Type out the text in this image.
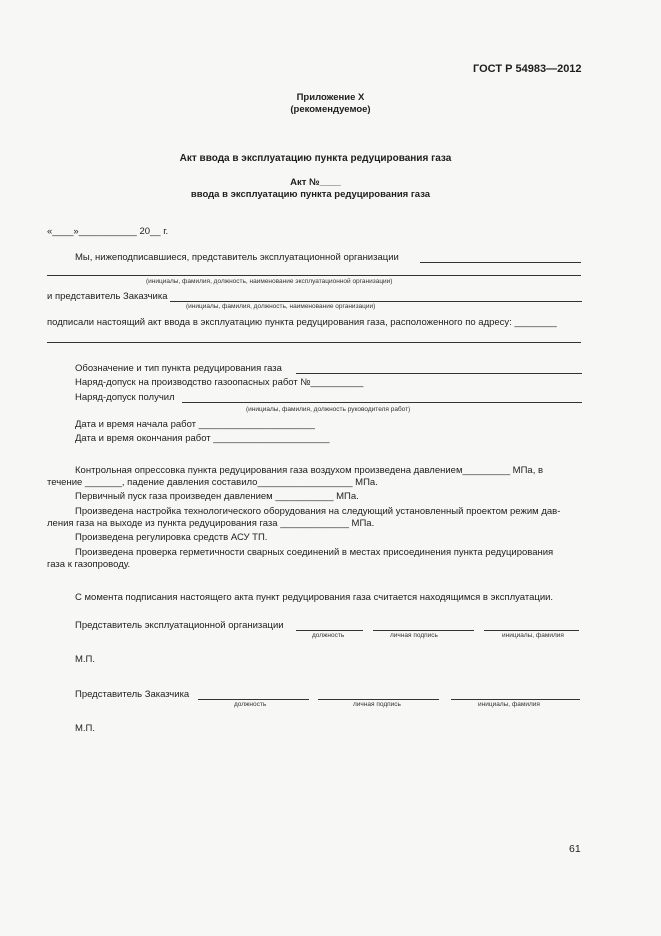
ГОСТ Р 54983—2012
Приложение Х
(рекомендуемое)
Акт ввода в эксплуатацию пункта редуцирования газа
Акт №____
ввода в эксплуатацию пункта редуцирования газа
«____»___________ 20__ г.
Мы, нижеподписавшиеся, представитель эксплуатационной организации
(инициалы, фамилия, должность, наименование эксплуатационной организации)
и представитель Заказчика
(инициалы, фамилия, должность, наименование организации)
подписали настоящий акт ввода в эксплуатацию пункта редуцирования газа, расположенного по адресу: ________
Обозначение и тип пункта редуцирования газа
Наряд-допуск на производство газоопасных работ №__________
Наряд-допуск получил
(инициалы, фамилия, должность руководителя работ)
Дата и время начала работ ______________________
Дата и время окончания работ ______________________
Контрольная опрессовка пункта редуцирования газа воздухом произведена давлением_________ МПа, в
течение _______, падение давления составило__________________ МПа.
Первичный пуск газа произведен давлением ___________ МПа.
Произведена настройка технологического оборудования на следующий установленный проектом режим дав-
ления газа на выходе из пункта редуцирования газа _____________ МПа.
Произведена регулировка средств АСУ ТП.
Произведена проверка герметичности сварных соединений в местах присоединения пункта редуцирования
газа к газопроводу.
С момента подписания настоящего акта пункт редуцирования газа считается находящимся в эксплуатации.
Представитель эксплуатационной организации
должность	личная подпись	инициалы, фамилия
М.П.
Представитель Заказчика
должность	личная подпись	инициалы, фамилия
М.П.
61
